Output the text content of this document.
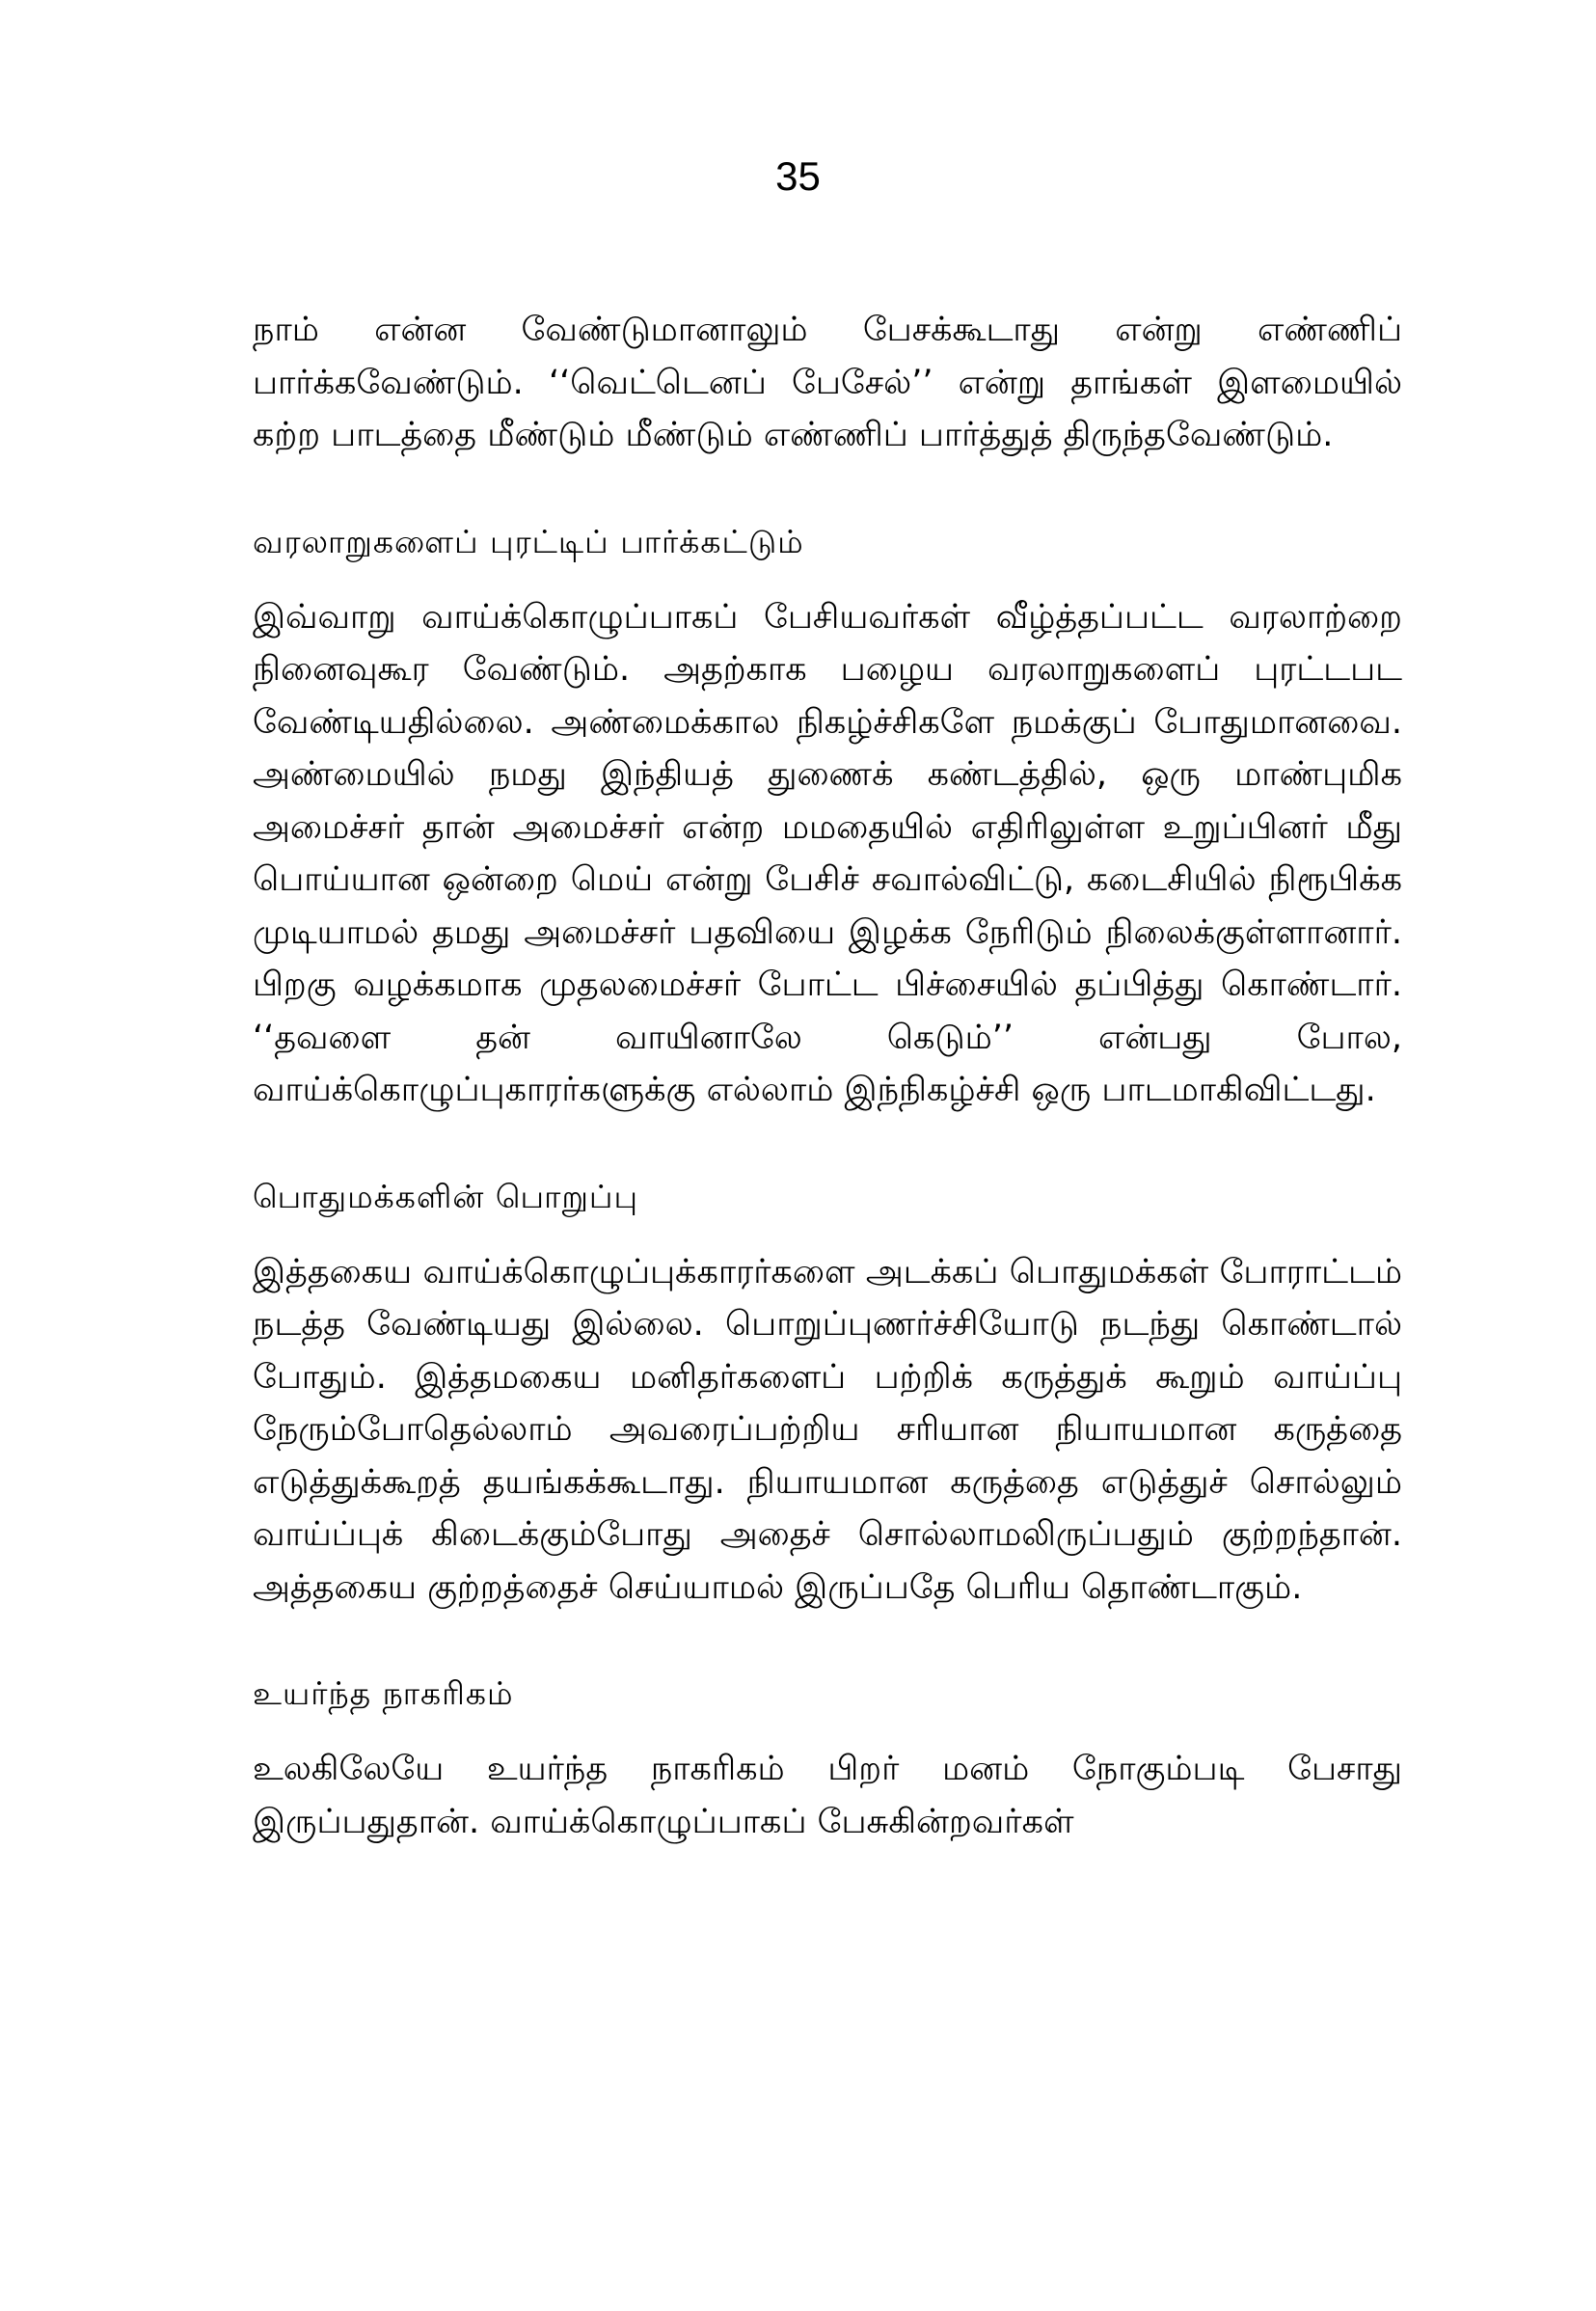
35

நாம் என்ன வேண்டுமானாலும் பேசக்கூடாது என்று எண்ணிப் பார்க்கவேண்டும். ‘‘வெட்டெனப் பேசேல்’’ என்று தாங்கள் இளமையில் கற்ற பாடத்தை மீண்டும் மீண்டும் எண்ணிப் பார்த்துத் திருந்தவேண்டும்.

வரலாறுகளைப் புரட்டிப் பார்க்கட்டும்

இவ்வாறு வாய்க்கொழுப்பாகப் பேசியவர்கள் வீழ்த்தப்பட்ட வரலாற்றை நினைவுகூர வேண்டும். அதற்காக பழைய வரலாறுகளைப் புரட்டபட வேண்டியதில்லை. அண்மைக்கால நிகழ்ச்சிகளே நமக்குப் போதுமானவை. அண்மையில் நமது இந்தியத் துணைக் கண்டத்தில், ஒரு மாண்புமிக அமைச்சர் தான் அமைச்சர் என்ற மமதையில் எதிரிலுள்ள உறுப்பினர் மீது பொய்யான ஒன்றை மெய் என்று பேசிச் சவால்விட்டு, கடைசியில் நிரூபிக்க முடியாமல் தமது அமைச்சர் பதவியை இழக்க நேரிடும் நிலைக்குள்ளானார். பிறகு வழக்கமாக முதலமைச்சர் போட்ட பிச்சையில் தப்பித்து கொண்டார். ‘‘தவளை தன் வாயினாலே கெடும்’’ என்பது போல, வாய்க்கொழுப்புகாரர்களுக்கு எல்லாம் இந்நிகழ்ச்சி ஒரு பாடமாகிவிட்டது.

பொதுமக்களின் பொறுப்பு

இத்தகைய வாய்க்கொழுப்புக்காரர்களை அடக்கப் பொதுமக்கள் போராட்டம் நடத்த வேண்டியது இல்லை. பொறுப்புணர்ச்சியோடு நடந்து கொண்டால் போதும். இத்தமகைய மனிதர்களைப் பற்றிக் கருத்துக் கூறும் வாய்ப்பு நேரும்போதெல்லாம் அவரைப்பற்றிய சரியான நியாயமான கருத்தை எடுத்துக்கூறத் தயங்கக்கூடாது. நியாயமான கருத்தை எடுத்துச் சொல்லும் வாய்ப்புக் கிடைக்கும்போது அதைச் சொல்லாமலிருப்பதும் குற்றந்தான். அத்தகைய குற்றத்தைச் செய்யாமல் இருப்பதே பெரிய தொண்டாகும்.

உயர்ந்த நாகரிகம்

உலகிலேயே உயர்ந்த நாகரிகம் பிறர் மனம் நோகும்படி பேசாது இருப்பதுதான். வாய்க்கொழுப்பாகப் பேசுகின்றவர்கள்
